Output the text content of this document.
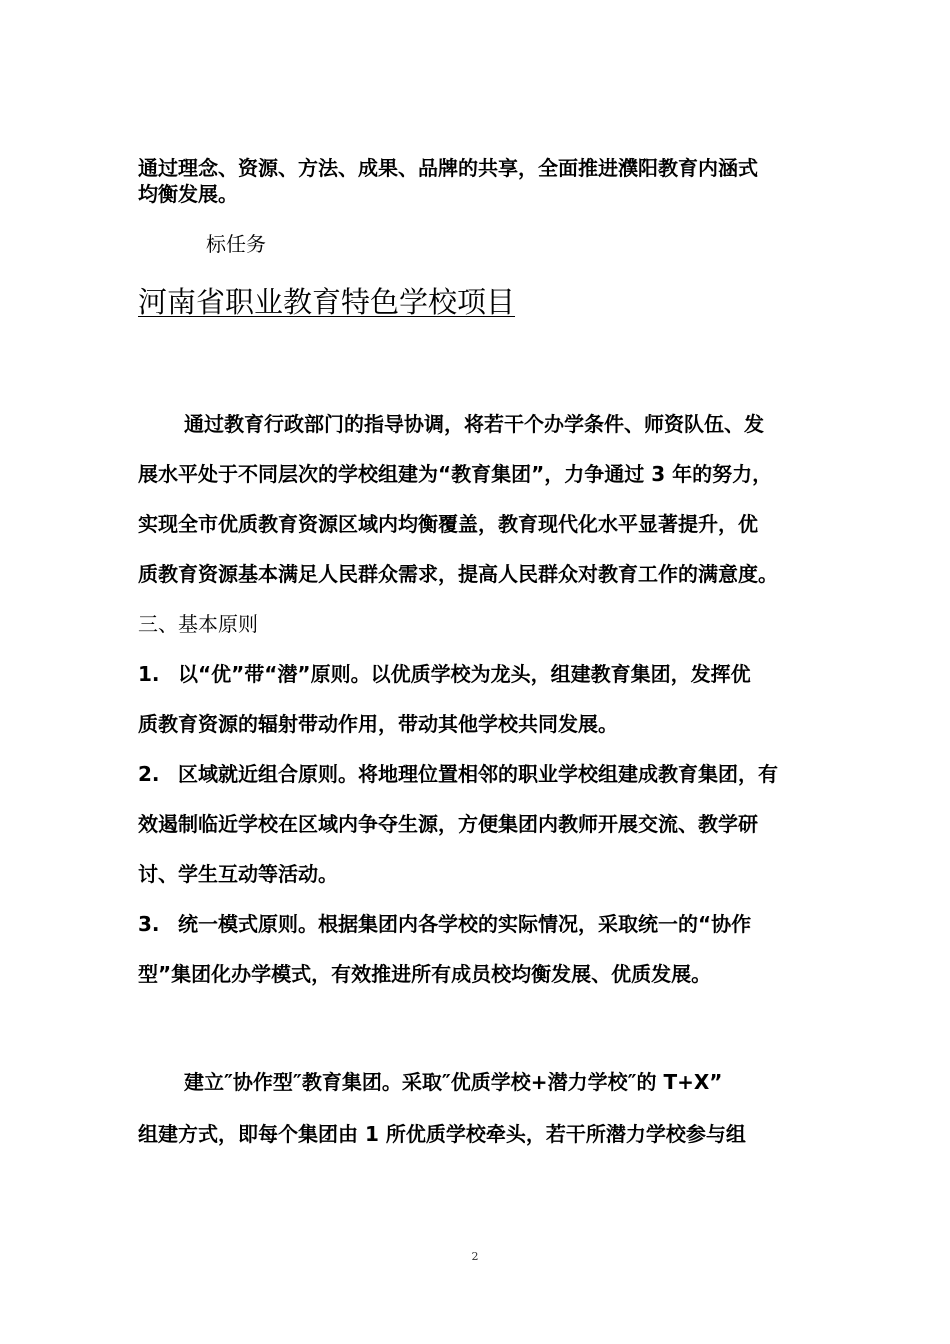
通过理念、资源、方法、成果、品牌的共享，全面推进濮阳教育内涵式
均衡发展。
标任务
河南省职业教育特色学校项目
通过教育行政部门的指导协调，将若干个办学条件、师资队伍、发
展水平处于不同层次的学校组建为“教育集团”，力争通过 3 年的努力，
实现全市优质教育资源区域内均衡覆盖，教育现代化水平显著提升，优
质教育资源基本满足人民群众需求，提高人民群众对教育工作的满意度。
三、基本原则
1. 以“优”带“潜”原则。以优质学校为龙头，组建教育集团，发挥优
质教育资源的辐射带动作用，带动其他学校共同发展。
2. 区域就近组合原则。将地理位置相邻的职业学校组建成教育集团，有
效遏制临近学校在区域内争夺生源，方便集团内教师开展交流、教学研
讨、学生互动等活动。
3. 统一模式原则。根据集团内各学校的实际情况，采取统一的“协作
型”集团化办学模式，有效推进所有成员校均衡发展、优质发展。
建立″协作型″教育集团。采取″优质学校+潜力学校″的 T+X”
组建方式，即每个集团由 1 所优质学校牵头，若干所潜力学校参与组
2
